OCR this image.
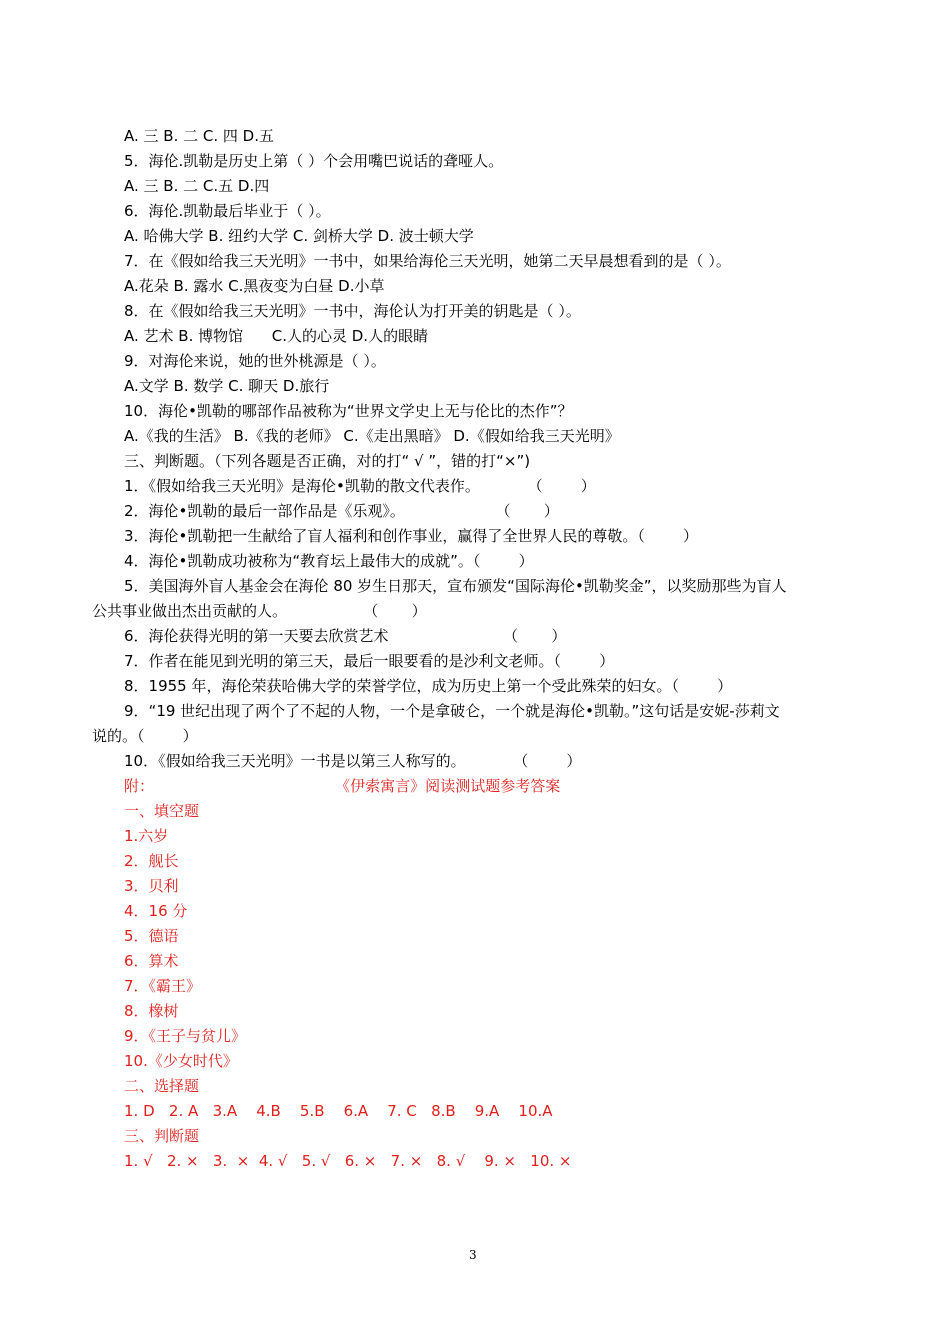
3
A. 三 B. 二 C. 四 D.五
5．海伦.凯勒是历史上第（ ）个会用嘴巴说话的聋哑人。
A. 三 B. 二 C.五 D.四
6．海伦.凯勒最后毕业于（ ）。
A. 哈佛大学 B. 纽约大学 C. 剑桥大学 D. 波士顿大学
7．在《假如给我三天光明》一书中，如果给海伦三天光明，她第二天早晨想看到的是（ ）。
A.花朵 B. 露水 C.黑夜变为白昼 D.小草
8．在《假如给我三天光明》一书中，海伦认为打开美的钥匙是（ ）。
A. 艺术 B. 博物馆      C.人的心灵 D.人的眼睛
9．对海伦来说，她的世外桃源是（ ）。
A.文学 B. 数学 C. 聊天 D.旅行
10．海伦•凯勒的哪部作品被称为“世界文学史上无与伦比的杰作”？
A.《我的生活》 B.《我的老师》 C.《走出黑暗》 D.《假如给我三天光明》
三、判断题。（下列各题是否正确，对的打“ √ ”，错的打“×”)
1．《假如给我三天光明》是海伦•凯勒的散文代表作。          （        ）
2．海伦•凯勒的最后一部作品是《乐观》。                   （       ）
3．海伦•凯勒把一生献给了盲人福利和创作事业，赢得了全世界人民的尊敬。（        ）
4．海伦•凯勒成功被称为“教育坛上最伟大的成就”。（        ）
5．美国海外盲人基金会在海伦 80 岁生日那天，宣布颁发“国际海伦•凯勒奖金”，以奖励那些为盲人
公共事业做出杰出贡献的人。                （       ）
6．海伦获得光明的第一天要去欣赏艺术                        （       ）
7．作者在能见到光明的第三天，最后一眼要看的是沙利文老师。（        ）
8．1955 年，海伦荣获哈佛大学的荣誉学位，成为历史上第一个受此殊荣的妇女。（        ）
9．“19 世纪出现了两个了不起的人物，一个是拿破仑，一个就是海伦•凯勒。”这句话是安妮-莎莉文
说的。（        ）
10．《假如给我三天光明》一书是以第三人称写的。          （        ）
附：                                      《伊索寓言》阅读测试题参考答案
一、填空题
1.六岁
2．舰长
3．贝利
4．16 分
5．德语
6．算术
7．《霸王》
8．橡树
9．《王子与贫儿》
10.《少女时代》
二、选择题
1. D   2. A   3.A    4.B    5.B    6.A    7. C   8.B    9.A    10.A
三、判断题
1. √   2. ×   3.  ×  4. √   5. √   6. ×   7. ×   8. √    9. ×   10. ×
